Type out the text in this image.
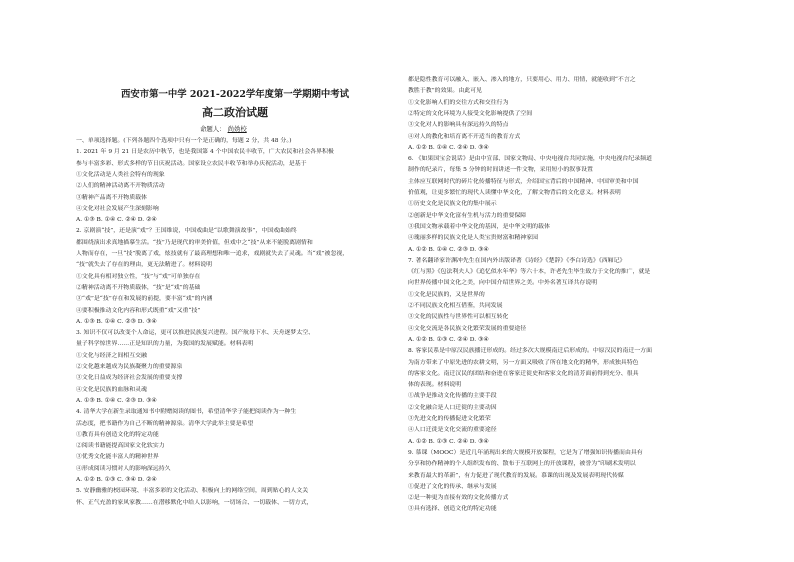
西安市第一中学 2021-2022学年度第一学期期中考试
高二政治试题
命题人： 尚妫校
一、单项选择题。(下列各题四个选项中只有一个是正确的，每题 2 分，共 48 分。)
1. 2021 年 9 月 21 日是农历中秋节，也是我国第 4 个中国农民丰收节，广大农民和社会各界积极
参与丰富多彩、形式多样的节日庆祝活动。国家设立农民丰收节和举办庆祝活动，是基于
①文化活动是人类社会特有的现象
②人们的精神活动离不开物质活动
③精神产品离不开物质载体
④文化对社会发展产生深刻影响
A. ①③ B. ①④ C. ②④ D. ②④
2. 京剧演“技”，还是演“戏”？王国维说，中国戏曲是“以歌舞演故事”，中国戏曲始终
都围绕演出求真地描摹生活。“技”乃是现代的审美价值，但戏中之“技”从来不能脱离剧情和
人物而存在，一旦“技”脱离了戏，炫技就有了最高理想和唯一追求，戏剧就失去了灵魂。当“戏”被忽视，
“技”就失去了存在的理由，更无法精进了。材料说明
①文化具有相对独立性，“技”与“戏”可单独存在
②精神活动离不开物质载体，“技”是“戏”的基础
③“戏”是“技”存在和发展的前提，要丰富“戏”的内涵
④要积极推动文化内容和形式既重“戏”又重“技”
A. ①③ B. ①④ C. ②③ D. ③④
3. 知识不仅可以改变个人命运，更可以推进民族复兴进程。国产航母下水、天舟逐梦太空、
量子科学惊世界……正是知识的力量，为我国的发展赋能。材料表明
①文化与经济之间相互交融
②文化越来越成为民族凝聚力的重要源泉
③文化日益成为经济社会发展的重要支撑
④文化是民族的血脉和灵魂
A. ①③ B. ①④ C. ②③ D. ③④
4. 清华大学在新生录取通知书中附赠阅读的图书，希望清华学子能把阅读作为一种生
活态度，把书籍作为自己不断的精神源泉。清华大学此举主要是希望
①教育具有创造文化的特定功能
②阅读书籍能提高国家文化软实力
③优秀文化能丰富人的精神世界
④形成阅读习惯对人的影响深远持久
A. ①② B. ①③ C. ③④ D. ②④
5. 安静幽雅的校园环境、丰富多彩的文化活动、积极向上的网络空间，周到贴心的人文关
怀、正气充盈的家风家教……在潜移默化中给人以影响，一切场合、一切载体、一切方式，
都是隐性教育可以融入、嵌入、渗入的地方，只要用心、用力、用情，就能收到“不言之
教胜于教”的效果。由此可见
①文化影响人们的交往方式和交往行为
②特定的文化环境为人接受文化影响提供了空间
③文化对人的影响具有深远持久的特点
④对人的教化和培育离不开适当的教育方式
A. ①② B. ①④ C. ②④ D. ③④
6. 《如果国宝会说话》是由中宣部、国家文物局、中央电视台共同实施，中央电视台纪录频道
制作的纪录片，每集 5 分钟的时间讲述一件文物，采用短小的叙事设置
主体应互联网时代的碎片化传播特征与形式，介绍国宝背后的中国精神、中国审美和中国
价值观，让更多繁忙的现代人读懂中华文化，了解文物背后的文化意义。材料表明
①历史文化是民族文化的集中展示
②创新是中华文化富有生机与活力的重要保障
③我国文物承载着中华文化的基因，是中华文明的载体
④瑰丽多样的民族文化是人类宝贵财富和精神家园
A. ①② B. ①④ C. ②③ D. ③④
7. 著名翻译家许渊冲先生在国内外出版译著《诗经》《楚辞》《李白诗选》《西厢记》
《红与黑》《包法利夫人》《追忆似水年华》等六十本，许老先生毕生致力于文化的推广，就是
向世界传播中国文化之美，向中国介绍世界之美。中外名著互译共存说明
①文化是民族的，又是世界的
②不同民族文化相互借鉴，共同发展
③文化的民族性与世界性可以相互转化
④文化交流是各民族文化繁荣发展的重要途径
A. ①② B. ①③ C. ②④ D. ③④
8. 客家民系是中原汉民族播迁形成的。经过多次大规模南迁后形成的。中原汉民的南迁一方面
为南方带来了中原先进的农耕文明，另一方面又吸收了所在地文化的精华，形成独具特色
的客家文化。南迁汉民的团结和奋进在客家迁徙史和客家文化的清芳面前得到充分、很具
体的表现。材料说明
①战争是推动文化传播的主要手段
②文化融合是人口迁徙的主要动因
③先进文化的传播促进文化繁荣
④人口迁徙是文化交流的重要途径
A. ①② B. ①③ C. ②④ D. ③④
9. 慕课（MOOC）是近几年涌现出来的大规模开放课程，它是为了增强知识传播而由具有
分享和协作精神的个人组织发布的、散布于互联网上的开放课程，被誉为“印刷术发明以
来教育最大的革新”，有力促进了现代教育的发展。慕课的出现及发展表明现代传媒
①促进了文化的传承、继承与发展
②是一种更为直接有效的文化传播方式
③具有选择、创造文化的特定功能
